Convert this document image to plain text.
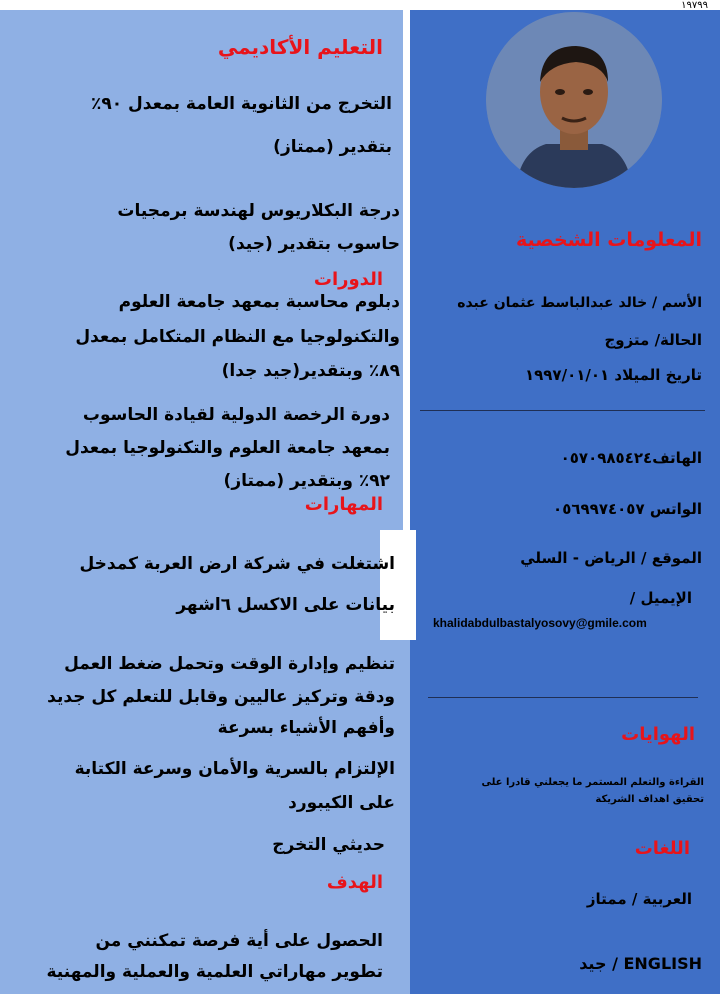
١٩٧٩٩
التعليم الأكاديمي
التخرج من الثانوية العامة بمعدل ٩٠٪
بتقدير (ممتاز)
درجة البكلاريوس لهندسة برمجيات
حاسوب بتقدير (جيد)
الدورات
دبلوم محاسبة بمعهد جامعة العلوم
والتكنولوجيا مع النظام المتكامل بمعدل
٨٩٪ وبتقدير(جيد جدا)
دورة الرخصة الدولية لقيادة الحاسوب
بمعهد جامعة العلوم والتكنولوجيا بمعدل
٩٢٪ وبتقدير (ممتاز)
المهارات
اشتغلت في شركة ارض العربة كمدخل
بيانات على الاكسل ٦اشهر
تنظيم وإدارة الوقت وتحمل ضغط العمل
ودقة وتركيز عاليين وقابل للتعلم كل جديد
وأفهم الأشياء بسرعة
الإلتزام بالسرية والأمان وسرعة الكتابة
على الكيبورد
حديثي التخرج
الهدف
الحصول على أية فرصة تمكنني من
تطوير مهاراتي العلمية والعملية والمهنية
المعلومات الشخصية
الأسم / خالد عبدالباسط عثمان عبده
الحالة/ متزوج
تاريخ الميلاد ١٩٩٧/٠١/٠١
الهاتف٠٥٧٠٩٨٥٤٢٤
الواتس ٠٥٦٩٩٧٤٠٥٧
الموقع / الرياض - السلي
الإيميل /
khalidabdulbastalyosovy@gmile.com
الهوايات
القراءة والتعلم المستمر ما يجعلني قادرا على
تحقيق اهداف الشريكة
اللغات
العربية / ممتاز
ENGLISH / جيد
